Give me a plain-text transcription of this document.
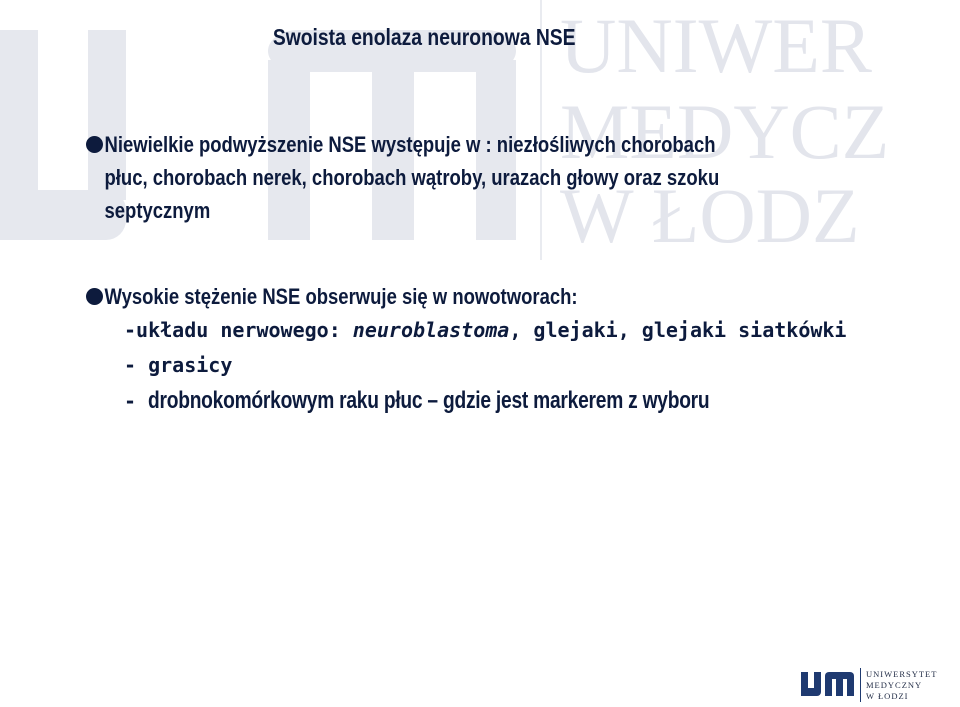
UNIWER
MEDYCZ
W ŁODZ
Swoista enolaza neuronowa NSE
Niewielkie podwyższenie NSE występuje w : niezłośliwych chorobach
płuc, chorobach nerek, chorobach wątroby, urazach głowy oraz szoku
septycznym
Wysokie stężenie NSE obserwuje się w nowotworach:
-układu nerwowego: neuroblastoma, glejaki, glejaki siatkówki
- grasicy
- drobnokomórkowym raku płuc – gdzie jest markerem z wyboru
UNIWERSYTET
MEDYCZNY
W ŁODZI
